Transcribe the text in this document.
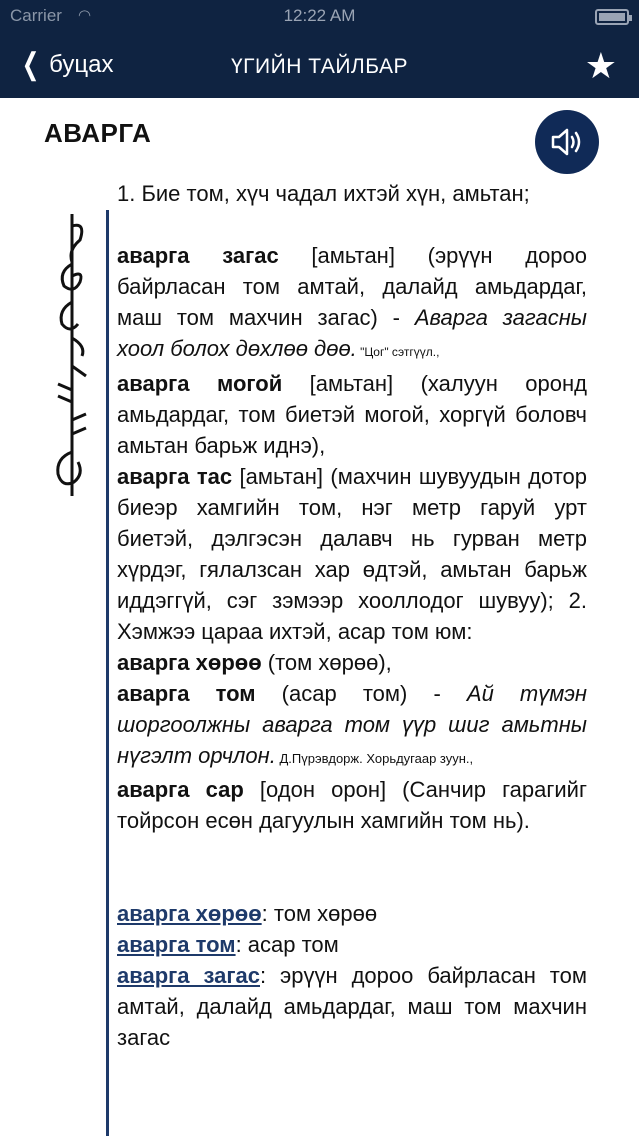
Carrier ◠	12:22 AM
❮ буцах	ҮГИЙН ТАЙЛБАР	★
АВАРГА

1. Бие том, хүч чадал ихтэй хүн, амьтан;

аварга загас [амьтан] (эрүүн дороо байрласан том амтай, далайд амьдардаг, маш том махчин загас) - Аварга загасны хоол болох дөхлөө дөө. "Цог" сэтгүүл.,

аварга могой [амьтан] (халуун оронд амьдардаг, том биетэй могой, хоргүй боловч амьтан барьж иднэ),

аварга тас [амьтан] (махчин шувуудын дотор биеэр хамгийн том, нэг метр гаруй урт биетэй, дэлгэсэн далавч нь гурван метр хүрдэг, гялалзсан хар өдтэй, амьтан барьж иддэггүй, сэг зэмээр хооллодог шувуу); 2. Хэмжээ цараа ихтэй, асар том юм:

аварга хөрөө (том хөрөө),

аварга том (асар том) - Ай түмэн шоргоолжны аварга том үүр шиг амьтны нүгэлт орчлон. Д.Пүрэвдорж. Хорьдугаар зуун.,

аварга сар [одон орон] (Санчир гарагийг тойрсон есөн дагуулын хамгийн том нь).

аварга хөрөө: том хөрөө

аварга том: асар том

аварга загас: эрүүн дороо байрласан том амтай, далайд амьдардаг, маш том махчин загас
